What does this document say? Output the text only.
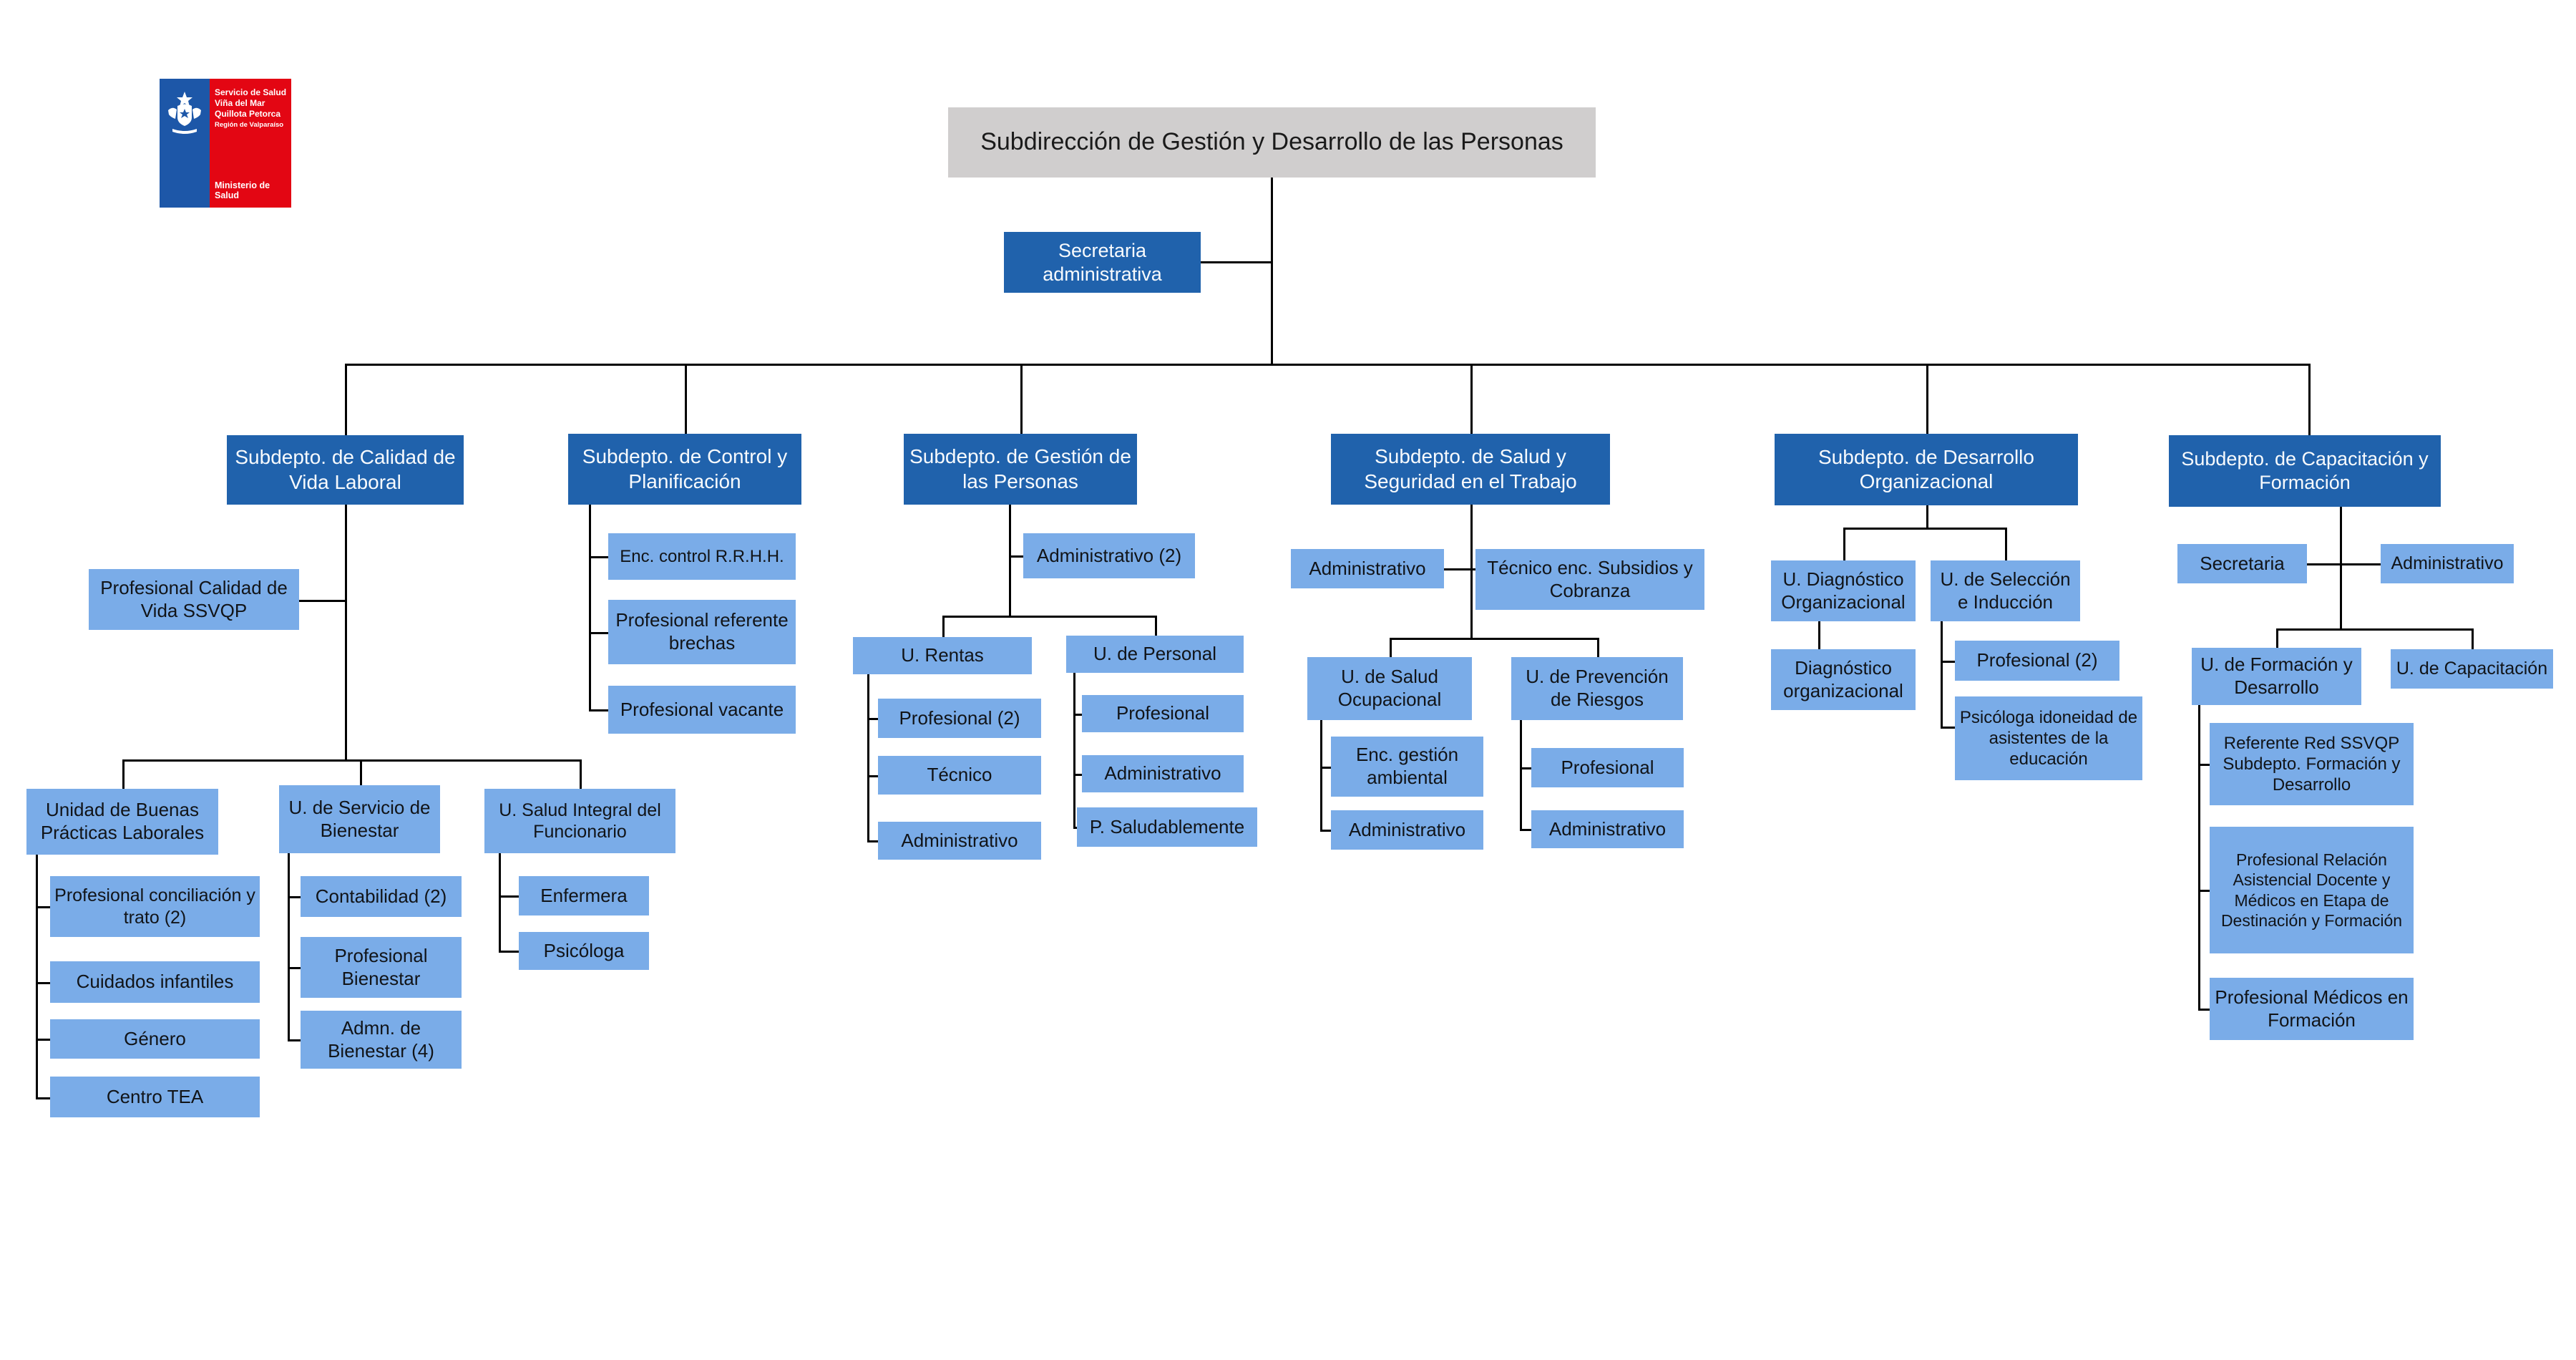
Servicio de Salud
Viña del Mar
Quillota Petorca
Región de Valparaíso
Ministerio de Salud
Subdirección de Gestión y Desarrollo de las Personas
Secretaria administrativa
Subdepto. de Calidad de Vida Laboral
Subdepto. de Control y Planificación
Subdepto. de Gestión de las Personas
Subdepto. de Salud y Seguridad en el Trabajo
Subdepto. de Desarrollo Organizacional
Subdepto. de Capacitación y Formación
Profesional Calidad de Vida SSVQP
Unidad de Buenas Prácticas Laborales
U. de Servicio de Bienestar
U. Salud Integral del Funcionario
Profesional conciliación y trato (2)
Cuidados infantiles
Género
Centro TEA
Contabilidad (2)
Profesional Bienestar
Admn. de Bienestar (4)
Enfermera
Psicóloga
Enc. control R.R.H.H.
Profesional referente brechas
Profesional vacante
Administrativo (2)
U. Rentas
Profesional (2)
Técnico
Administrativo
U. de Personal
Profesional
Administrativo
P. Saludablemente
Administrativo	Técnico enc. Subsidios y Cobranza
U. de Salud Ocupacional
Enc. gestión ambiental
Administrativo
U. de Prevención de Riesgos
Profesional
Administrativo
U. Diagnóstico Organizacional
Diagnóstico organizacional
U. de Selección e Inducción
Profesional (2)
Psicóloga idoneidad de asistentes de la educación
Secretaria	Administrativo
U. de Formación y Desarrollo
U. de Capacitación
Referente Red SSVQP Subdepto. Formación y Desarrollo
Profesional Relación Asistencial Docente y Médicos en Etapa de Destinación y Formación
Profesional Médicos en Formación
